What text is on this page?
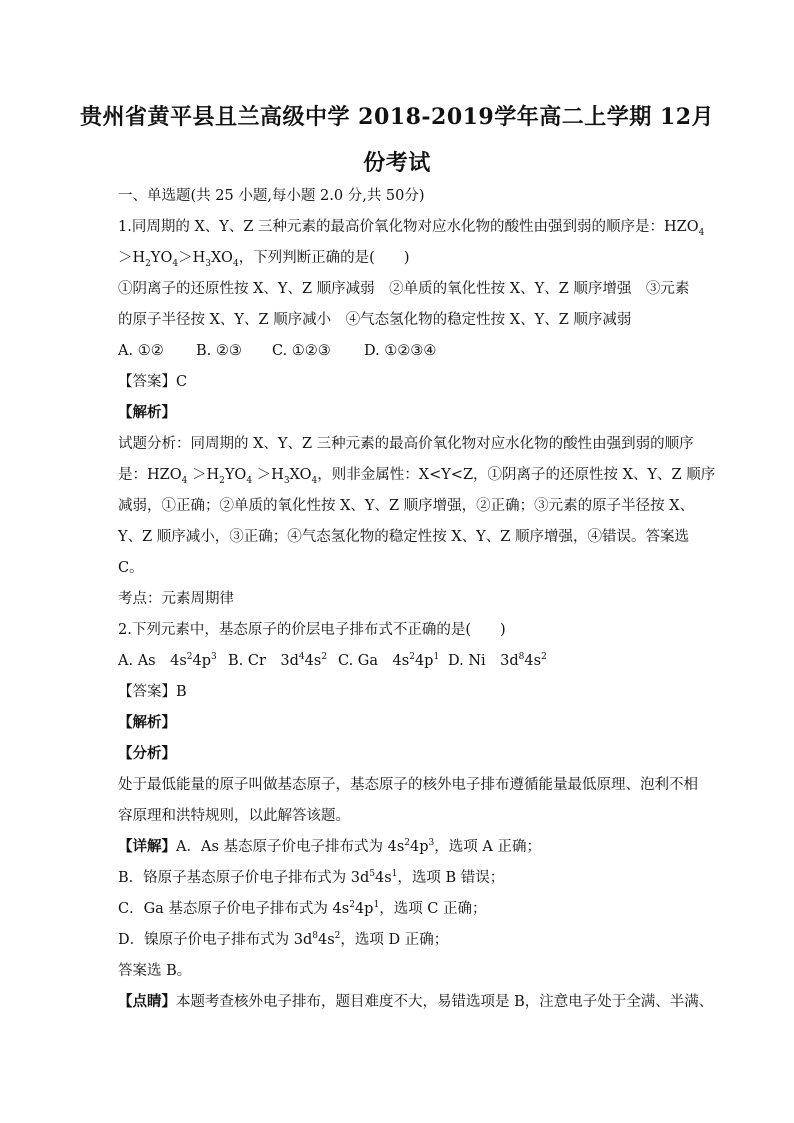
贵州省黄平县且兰高级中学 2018-2019学年高二上学期 12月
份考试
一、单选题(共 25 小题,每小题 2.0 分,共 50分)
1.同周期的 X、Y、Z 三种元素的最高价氧化物对应水化物的酸性由强到弱的顺序是：$HZO_4$
$>H_2YO_4>H_3XO_4$，下列判断正确的是(　　)
①阴离子的还原性按 X、Y、Z 顺序减弱　②单质的氧化性按 X、Y、Z 顺序增强　③元素
的原子半径按 X、Y、Z 顺序减小　④气态氢化物的稳定性按 X、Y、Z 顺序减弱
A. ①② B. ②③ C. ①②③ D. ①②③④
【答案】C
【解析】
试题分析：同周期的 X、Y、Z 三种元素的最高价氧化物对应水化物的酸性由强到弱的顺序
是：$HZO_4 >H_2YO_4 >H_3XO_4$，则非金属性：X<Y<Z，①阴离子的还原性按 X、Y、Z 顺序
减弱，①正确；②单质的氧化性按 X、Y、Z 顺序增强，②正确；③元素的原子半径按 X、
Y、Z 顺序减小，③正确；④气态氢化物的稳定性按 X、Y、Z 顺序增强，④错误。答案选
C。
考点：元素周期律
2.下列元素中，基态原子的价层电子排布式不正确的是(　　)
A. As　$4s^24p^3$ B. Cr　$3d^44s^2$ C. Ga　$4s^24p^1$ D. Ni　$3d^84s^2$
【答案】B
【解析】
【分析】
处于最低能量的原子叫做基态原子，基态原子的核外电子排布遵循能量最低原理、泡利不相
容原理和洪特规则，以此解答该题。
【详解】A．As 基态原子价电子排布式为 $4s^24p^3$，选项 A 正确；
B．铬原子基态原子价电子排布式为 $3d^54s^1$，选项 B 错误；
C．Ga 基态原子价电子排布式为 $4s^24p^1$，选项 C 正确；
D．镍原子价电子排布式为 $3d^84s^2$，选项 D 正确；
答案选 B。
【点睛】本题考查核外电子排布，题目难度不大，易错选项是 B，注意电子处于全满、半满、
